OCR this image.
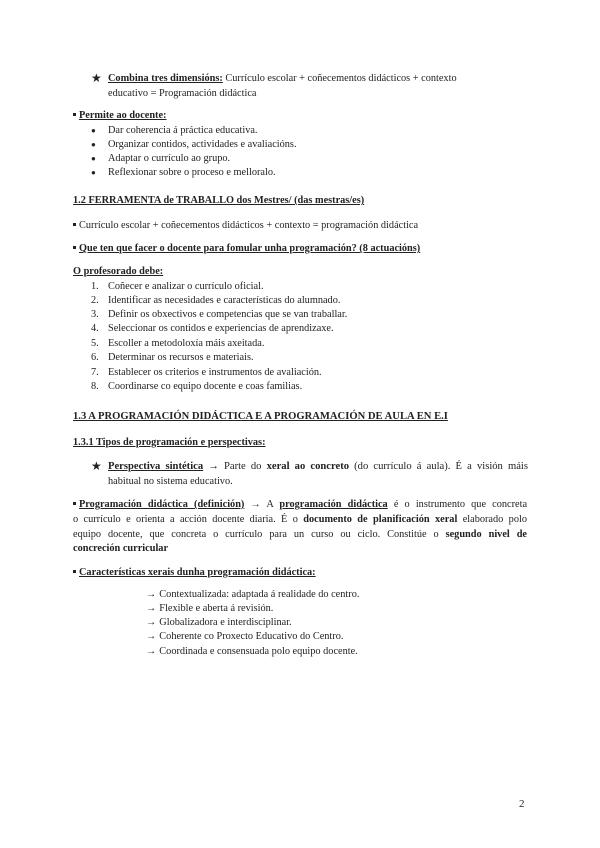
★ Combina tres dimensións: Currículo escolar + coñecementos didácticos + contexto
educativo = Programación didáctica
Permite ao docente:
● Dar coherencia á práctica educativa.
● Organizar contidos, actividades e avaliacións.
● Adaptar o currículo ao grupo.
● Reflexionar sobre o proceso e melloralo.
1.2 FERRAMENTA de TRABALLO dos Mestres/ (das mestras/es)
Currículo escolar + coñecementos didácticos + contexto = programación didáctica
Que ten que facer o docente para fomular unha programación? (8 actuacións)
O profesorado debe:
1. Coñecer e analizar o currículo oficial.
2. Identificar as necesidades e características do alumnado.
3. Definir os obxectivos e competencias que se van traballar.
4. Seleccionar os contidos e experiencias de aprendizaxe.
5. Escoller a metodoloxía máis axeitada.
6. Determinar os recursos e materiais.
7. Establecer os criterios e instrumentos de avaliación.
8. Coordinarse co equipo docente e coas familias.
1.3 A PROGRAMACIÓN DIDÁCTICA E A PROGRAMACIÓN DE AULA EN E.I
1.3.1 Tipos de programación e perspectivas:
★ Perspectiva sintética → Parte do xeral ao concreto (do currículo á aula). É a visión máis
habitual no sistema educativo.
Programación didáctica (definición) → A programación didáctica é o instrumento que concreta
o currículo e orienta a acción docente diaria. É o documento de planificación xeral elaborado polo
equipo docente, que concreta o currículo para un curso ou ciclo. Constitúe o segundo nivel de
concreción curricular
Características xerais dunha programación didáctica:
→ Contextualizada: adaptada á realidade do centro.
→ Flexible e aberta á revisión.
→ Globalizadora e interdisciplinar.
→ Coherente co Proxecto Educativo do Centro.
→ Coordinada e consensuada polo equipo docente.
2
